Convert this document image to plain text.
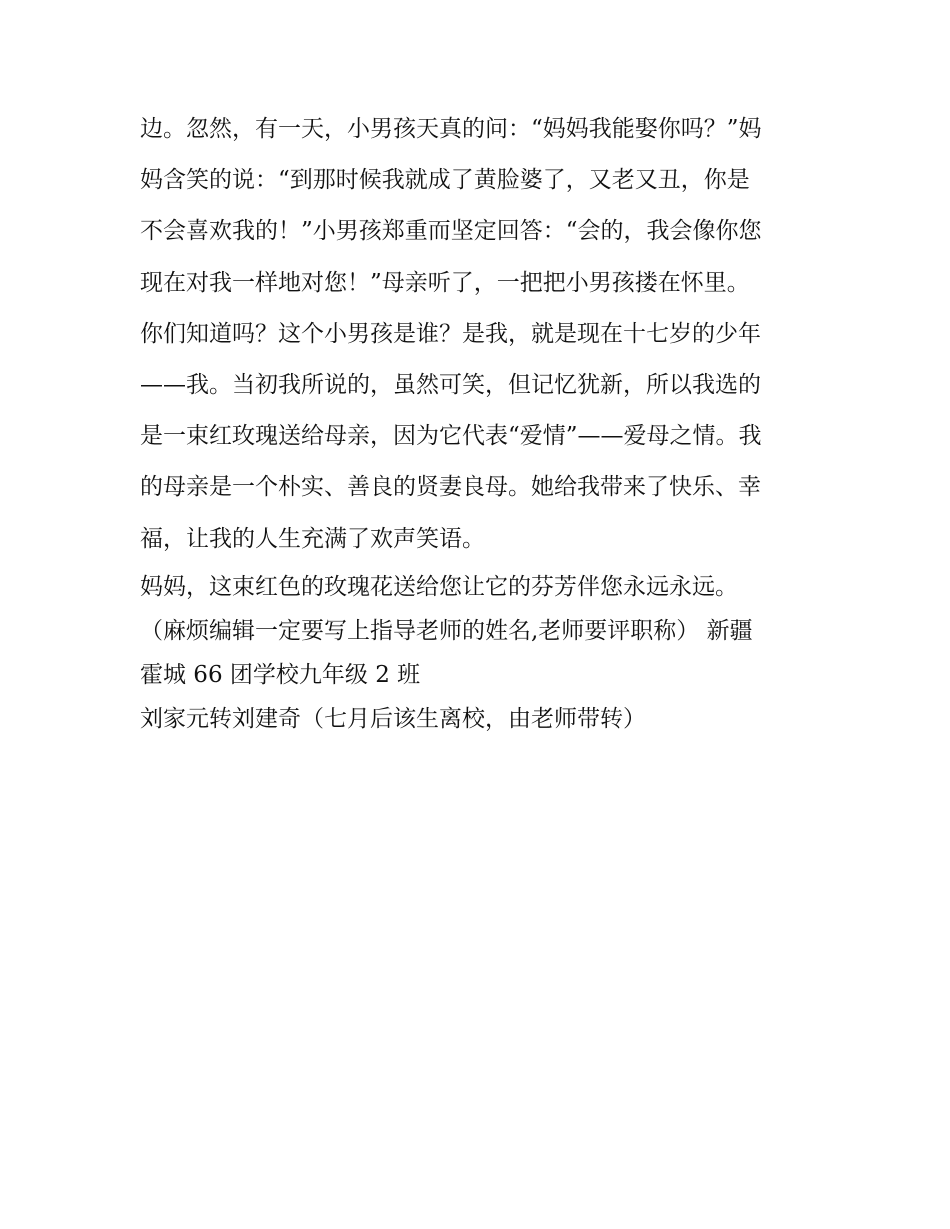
边。忽然，有一天，小男孩天真的问：“妈妈我能娶你吗？”妈
妈含笑的说：“到那时候我就成了黄脸婆了，又老又丑，你是
不会喜欢我的！”小男孩郑重而坚定回答：“会的，我会像你您
现在对我一样地对您！”母亲听了，一把把小男孩搂在怀里。
你们知道吗？这个小男孩是谁？是我，就是现在十七岁的少年
——我。当初我所说的，虽然可笑，但记忆犹新，所以我选的
是一束红玫瑰送给母亲，因为它代表“爱情”——爱母之情。我
的母亲是一个朴实、善良的贤妻良母。她给我带来了快乐、幸
福，让我的人生充满了欢声笑语。
妈妈，这束红色的玫瑰花送给您让它的芬芳伴您永远永远。
（麻烦编辑一定要写上指导老师的姓名,老师要评职称） 新疆
霍城 66 团学校九年级 2 班
刘家元转刘建奇（七月后该生离校，由老师带转）
